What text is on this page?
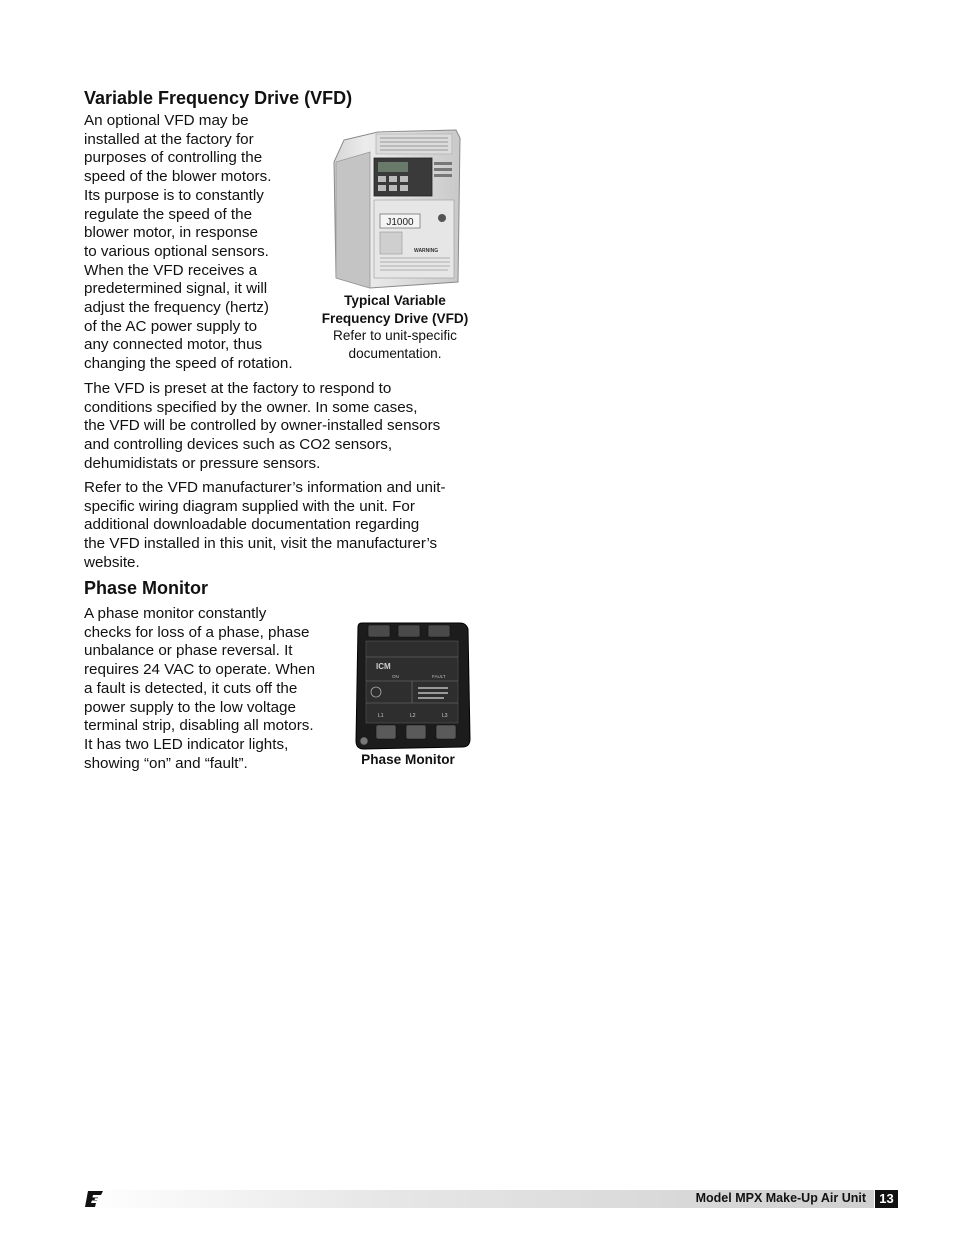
Variable Frequency Drive (VFD)

An optional VFD may be
installed at the factory for
purposes of controlling the
speed of the blower motors.
Its purpose is to constantly
regulate the speed of the
blower motor, in response
to various optional sensors.
When the VFD receives a
predetermined signal, it will
adjust the frequency (hertz)
of the AC power supply to
any connected motor, thus
changing the speed of rotation.

J1000
WARNING
Typical Variable
Frequency Drive (VFD)
Refer to unit-specific
documentation.

The VFD is preset at the factory to respond to
conditions specified by the owner. In some cases,
the VFD will be controlled by owner-installed sensors
and controlling devices such as CO2 sensors,
dehumidistats or pressure sensors.

Refer to the VFD manufacturer’s information and unit-
specific wiring diagram supplied with the unit. For
additional downloadable documentation regarding
the VFD installed in this unit, visit the manufacturer’s
website.

Phase Monitor

A phase monitor constantly
checks for loss of a phase, phase
unbalance or phase reversal. It
requires 24 VAC to operate. When
a fault is detected, it cuts off the
power supply to the low voltage
terminal strip, disabling all motors.
It has two LED indicator lights,
showing “on” and “fault”.

ICM
ON	FAULT
L1	L2	L3
Phase Monitor
Model MPX Make-Up Air Unit	13
